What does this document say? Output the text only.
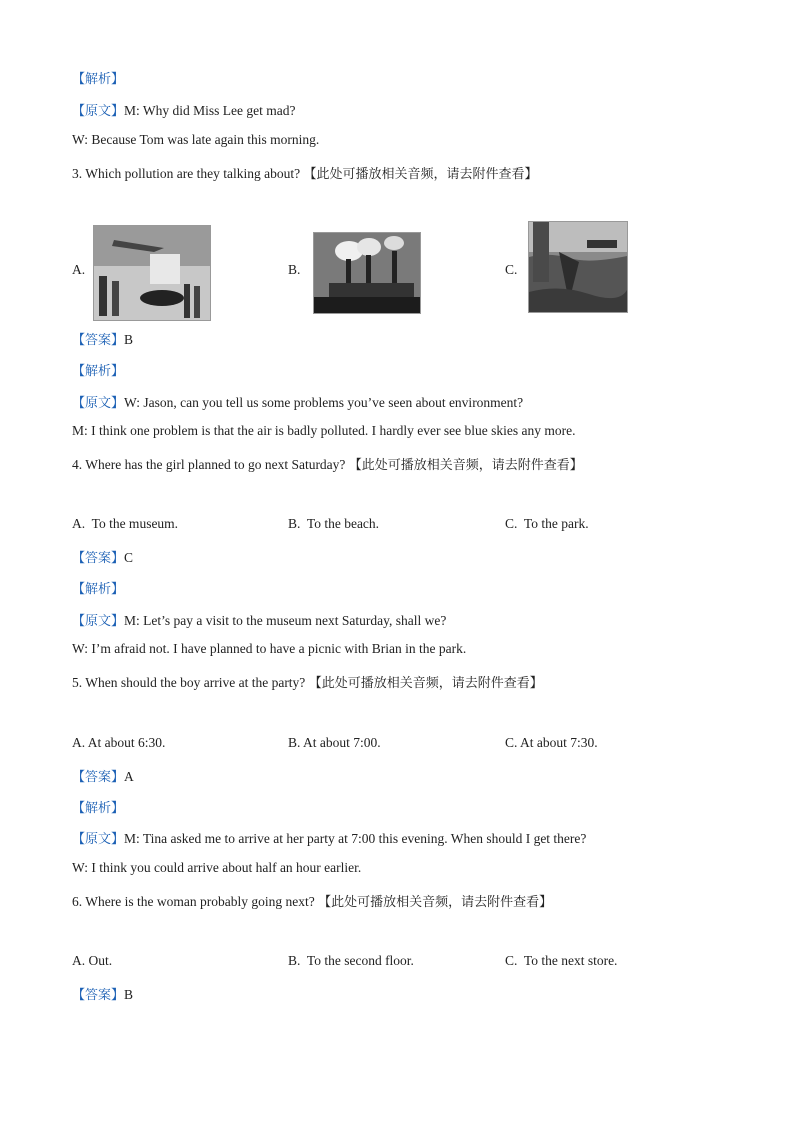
【解析】
【原文】M: Why did Miss Lee get mad?
W: Because Tom was late again this morning.
3. Which pollution are they talking about? 【此处可播放相关音频，请去附件查看】
A.	B.	C.
【答案】B
【解析】
【原文】W: Jason, can you tell us some problems you’ve seen about environment?
M: I think one problem is that the air is badly polluted. I hardly ever see blue skies any more.
4. Where has the girl planned to go next Saturday? 【此处可播放相关音频，请去附件查看】
A. To the museum.	B. To the beach.	C. To the park.
【答案】C
【解析】
【原文】M: Let’s pay a visit to the museum next Saturday, shall we?
W: I’m afraid not. I have planned to have a picnic with Brian in the park.
5. When should the boy arrive at the party? 【此处可播放相关音频，请去附件查看】
A. At about 6:30.	B. At about 7:00.	C. At about 7:30.
【答案】A
【解析】
【原文】M: Tina asked me to arrive at her party at 7:00 this evening. When should I get there?
W: I think you could arrive about half an hour earlier.
6. Where is the woman probably going next? 【此处可播放相关音频，请去附件查看】
A. Out.	B. To the second floor.	C. To the next store.
【答案】B
